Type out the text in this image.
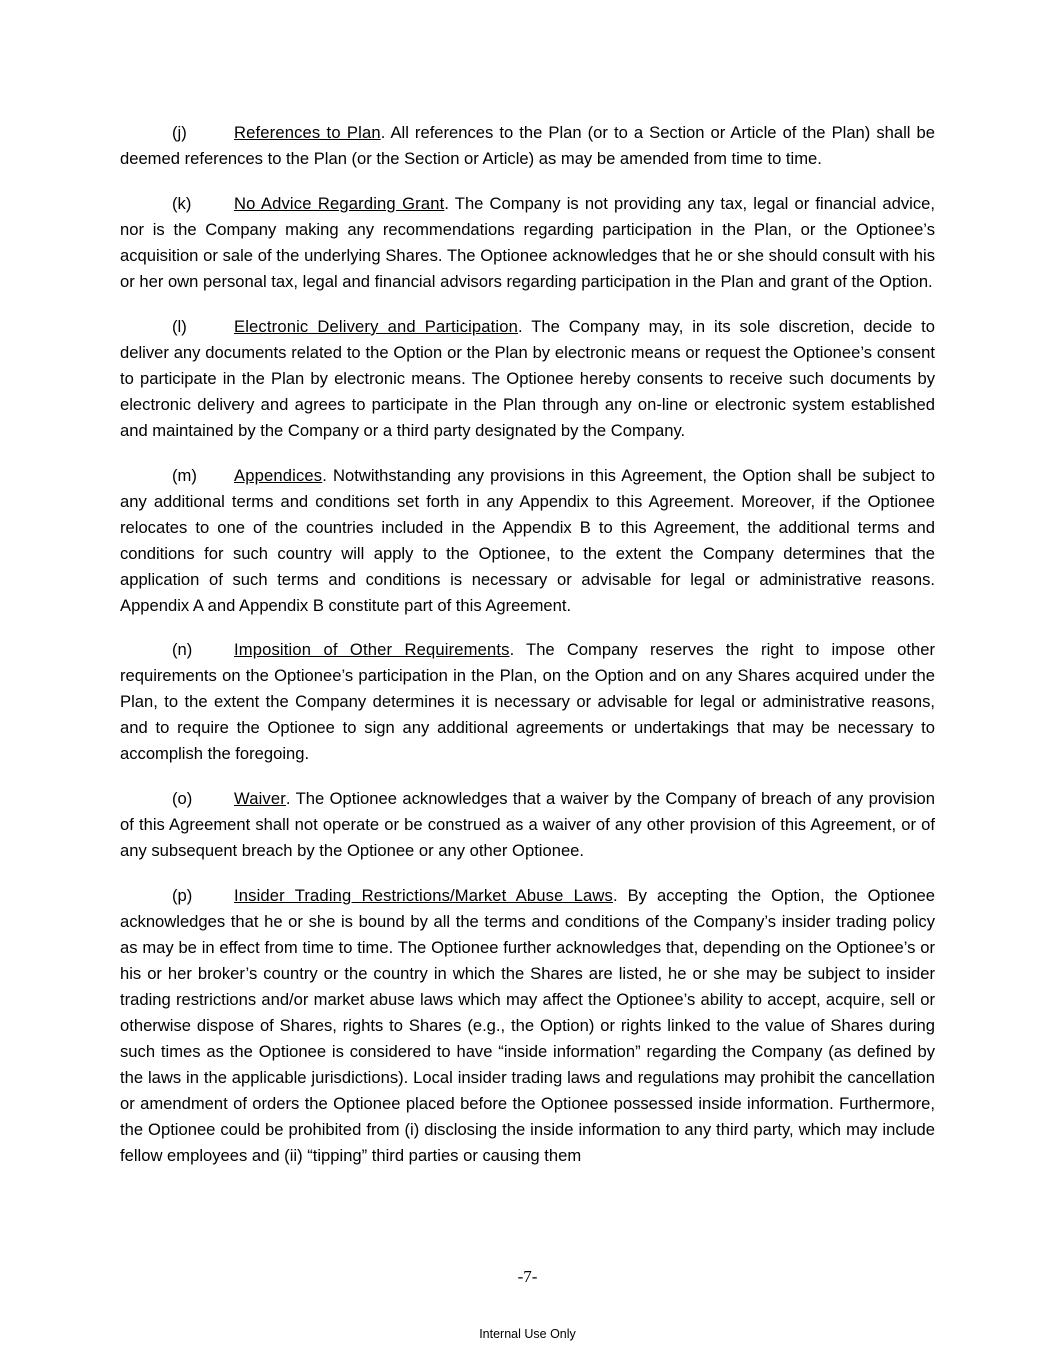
(j)	References to Plan. All references to the Plan (or to a Section or Article of the Plan) shall be deemed references to the Plan (or the Section or Article) as may be amended from time to time.

(k)	No Advice Regarding Grant. The Company is not providing any tax, legal or financial advice, nor is the Company making any recommendations regarding participation in the Plan, or the Optionee’s acquisition or sale of the underlying Shares. The Optionee acknowledges that he or she should consult with his or her own personal tax, legal and financial advisors regarding participation in the Plan and grant of the Option.

(l)	Electronic Delivery and Participation. The Company may, in its sole discretion, decide to deliver any documents related to the Option or the Plan by electronic means or request the Optionee’s consent to participate in the Plan by electronic means. The Optionee hereby consents to receive such documents by electronic delivery and agrees to participate in the Plan through any on-line or electronic system established and maintained by the Company or a third party designated by the Company.

(m) Appendices. Notwithstanding any provisions in this Agreement, the Option shall be subject to any additional terms and conditions set forth in any Appendix to this Agreement. Moreover, if the Optionee relocates to one of the countries included in the Appendix B to this Agreement, the additional terms and conditions for such country will apply to the Optionee, to the extent the Company determines that the application of such terms and conditions is necessary or advisable for legal or administrative reasons. Appendix A and Appendix B constitute part of this Agreement.

(n)	Imposition of Other Requirements. The Company reserves the right to impose other requirements on the Optionee’s participation in the Plan, on the Option and on any Shares acquired under the Plan, to the extent the Company determines it is necessary or advisable for legal or administrative reasons, and to require the Optionee to sign any additional agreements or undertakings that may be necessary to accomplish the foregoing.

(o)	Waiver. The Optionee acknowledges that a waiver by the Company of breach of any provision of this Agreement shall not operate or be construed as a waiver of any other provision of this Agreement, or of any subsequent breach by the Optionee or any other Optionee.

(p)	Insider Trading Restrictions/Market Abuse Laws. By accepting the Option, the Optionee acknowledges that he or she is bound by all the terms and conditions of the Company’s insider trading policy as may be in effect from time to time. The Optionee further acknowledges that, depending on the Optionee’s or his or her broker’s country or the country in which the Shares are listed, he or she may be subject to insider trading restrictions and/or market abuse laws which may affect the Optionee’s ability to accept, acquire, sell or otherwise dispose of Shares, rights to Shares (e.g., the Option) or rights linked to the value of Shares during such times as the Optionee is considered to have “inside information” regarding the Company (as defined by the laws in the applicable jurisdictions). Local insider trading laws and regulations may prohibit the cancellation or amendment of orders the Optionee placed before the Optionee possessed inside information. Furthermore, the Optionee could be prohibited from (i) disclosing the inside information to any third party, which may include fellow employees and (ii) “tipping” third parties or causing them

-7-
Internal Use Only
